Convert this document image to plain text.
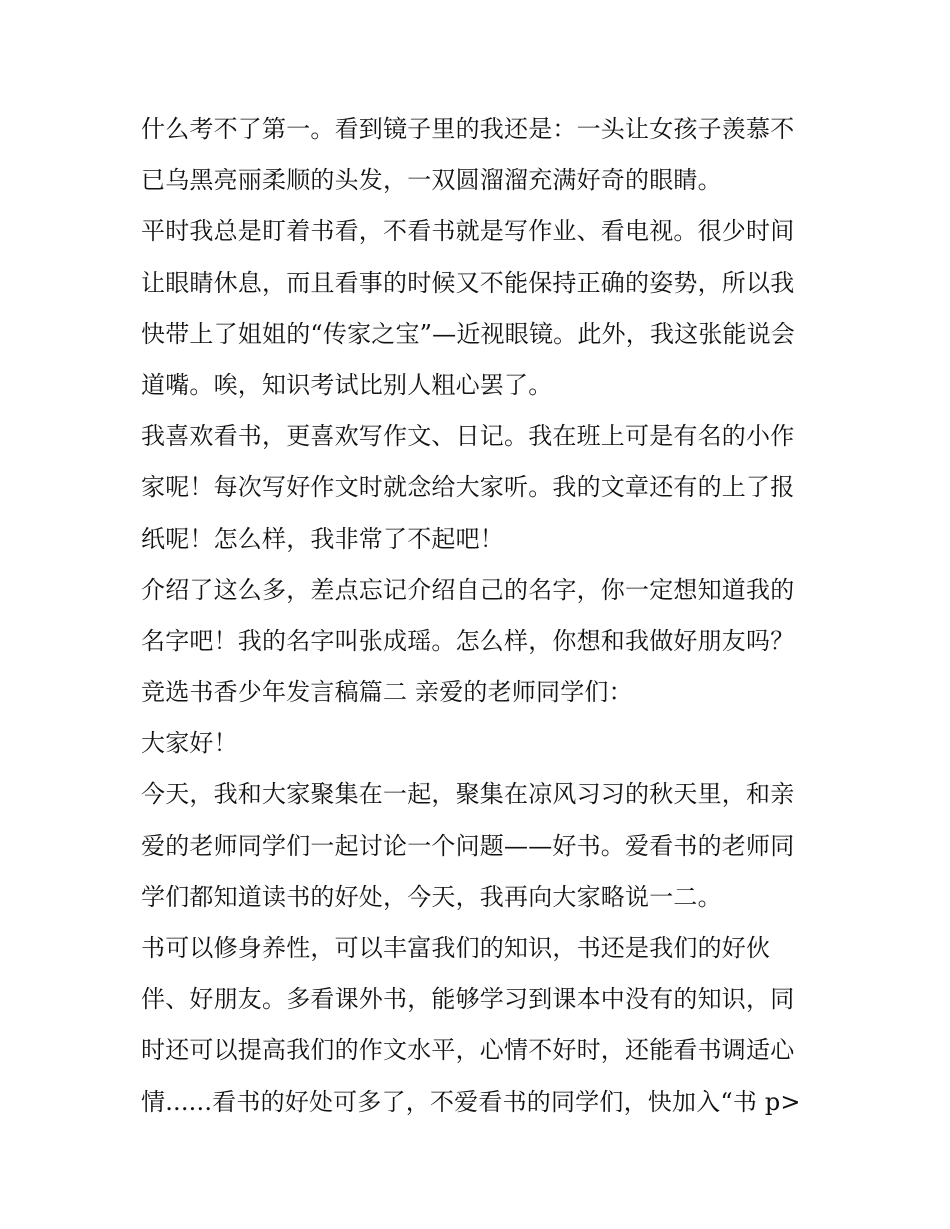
什么考不了第一。看到镜子里的我还是：一头让女孩子羡慕不
已乌黑亮丽柔顺的头发，一双圆溜溜充满好奇的眼睛。
平时我总是盯着书看，不看书就是写作业、看电视。很少时间
让眼睛休息，而且看事的时候又不能保持正确的姿势，所以我
快带上了姐姐的“传家之宝”—近视眼镜。此外，我这张能说会
道嘴。唉，知识考试比别人粗心罢了。
我喜欢看书，更喜欢写作文、日记。我在班上可是有名的小作
家呢！每次写好作文时就念给大家听。我的文章还有的上了报
纸呢！怎么样，我非常了不起吧！
介绍了这么多，差点忘记介绍自己的名字，你一定想知道我的
名字吧！我的名字叫张成瑶。怎么样，你想和我做好朋友吗？
竞选书香少年发言稿篇二 亲爱的老师同学们：
大家好！
今天，我和大家聚集在一起，聚集在凉风习习的秋天里，和亲
爱的老师同学们一起讨论一个问题——好书。爱看书的老师同
学们都知道读书的好处，今天，我再向大家略说一二。
书可以修身养性，可以丰富我们的知识，书还是我们的好伙
伴、好朋友。多看课外书，能够学习到课本中没有的知识，同
时还可以提高我们的作文水平，心情不好时，还能看书调适心
情......看书的好处可多了，不爱看书的同学们，快加入“书 p>
